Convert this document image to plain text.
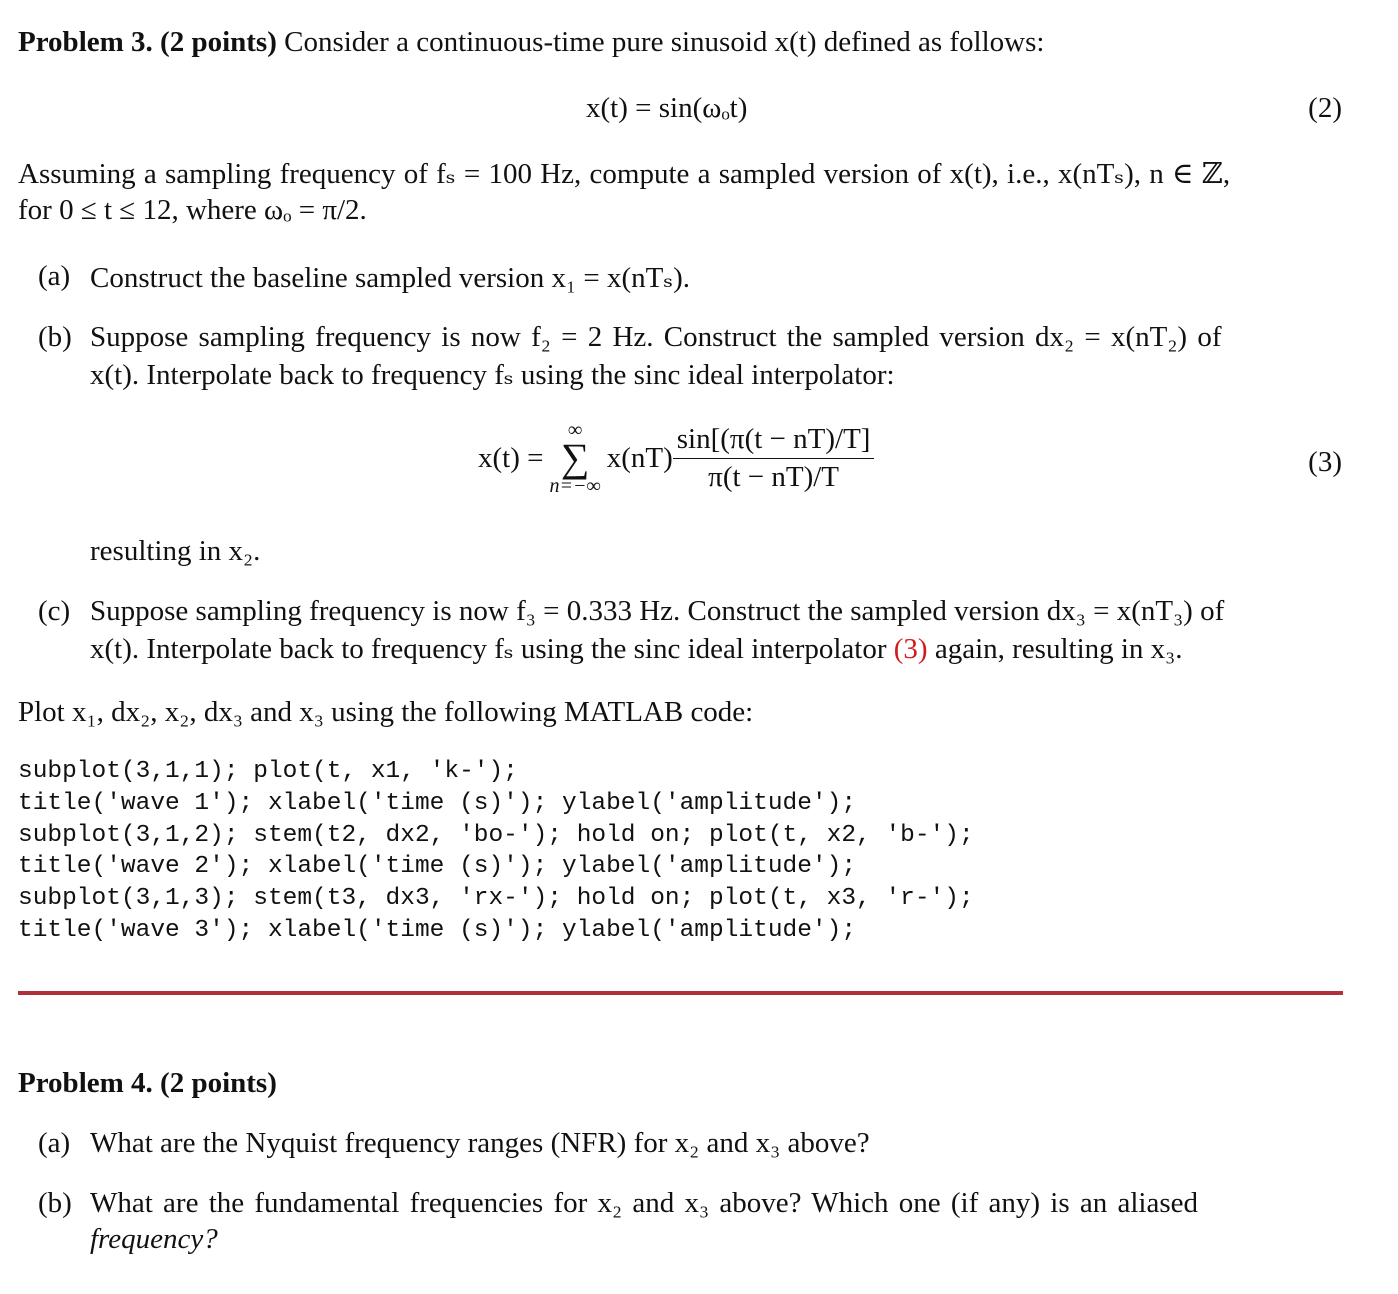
Problem 3. (2 points) Consider a continuous-time pure sinusoid x(t) defined as follows:
x(t) = sin(ωₒt)	(2)
Assuming a sampling frequency of fₛ = 100 Hz, compute a sampled version of x(t), i.e., x(nTₛ), n ∈ ℤ,
for 0 ≤ t ≤ 12, where ωₒ = π/2.
(a) Construct the baseline sampled version x₁ = x(nTₛ).
(b) Suppose sampling frequency is now f₂ = 2 Hz. Construct the sampled version dx₂ = x(nT₂) of
x(t). Interpolate back to frequency fₛ using the sinc ideal interpolator:
x(t) =
∞
∑
n=−∞
$x(nT) \frac{\sin[(\pi(t - nT)/T]}{\pi(t - nT)/T}$	(3)
resulting in x₂.
(c) Suppose sampling frequency is now f₃ = 0.333 Hz. Construct the sampled version dx₃ = x(nT₃) of
x(t). Interpolate back to frequency fₛ using the sinc ideal interpolator (3) again, resulting in x₃.
Plot x₁, dx₂, x₂, dx₃ and x₃ using the following MATLAB code:
subplot(3,1,1); plot(t, x1, 'k-');
title('wave 1'); xlabel('time (s)'); ylabel('amplitude');
subplot(3,1,2); stem(t2, dx2, 'bo-'); hold on; plot(t, x2, 'b-');
title('wave 2'); xlabel('time (s)'); ylabel('amplitude');
subplot(3,1,3); stem(t3, dx3, 'rx-'); hold on; plot(t, x3, 'r-');
title('wave 3'); xlabel('time (s)'); ylabel('amplitude');
Problem 4. (2 points)
(a) What are the Nyquist frequency ranges (NFR) for x₂ and x₃ above?
(b) What are the fundamental frequencies for x₂ and x₃ above? Which one (if any) is an aliased
frequency?
